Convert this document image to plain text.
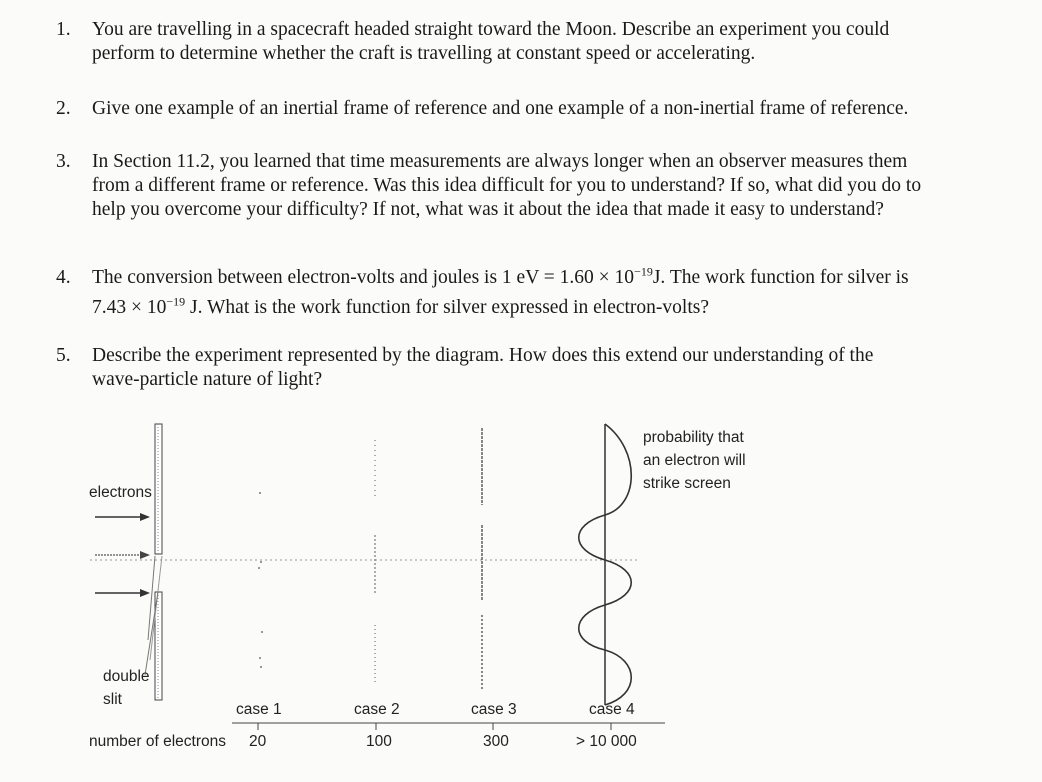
1. You are travelling in a spacecraft headed straight toward the Moon. Describe an experiment you could
perform to determine whether the craft is travelling at constant speed or accelerating.
2. Give one example of an inertial frame of reference and one example of a non-inertial frame of reference.
3. In Section 11.2, you learned that time measurements are always longer when an observer measures them
from a different frame or reference. Was this idea difficult for you to understand? If so, what did you do to
help you overcome your difficulty? If not, what was it about the idea that made it easy to understand?
4. The conversion between electron-volts and joules is 1 eV = $1.60 \times 10^{-19}J$. The work function for silver is
$7.43 \times 10^{-19}$ J. What is the work function for silver expressed in electron-volts?
5. Describe the experiment represented by the diagram. How does this extend our understanding of the
wave-particle nature of light?
electrons
double
slit
probability that
an electron will
strike screen
case 1	case 2	case 3	case 4
number of electrons 20	100	300	> 10 000
